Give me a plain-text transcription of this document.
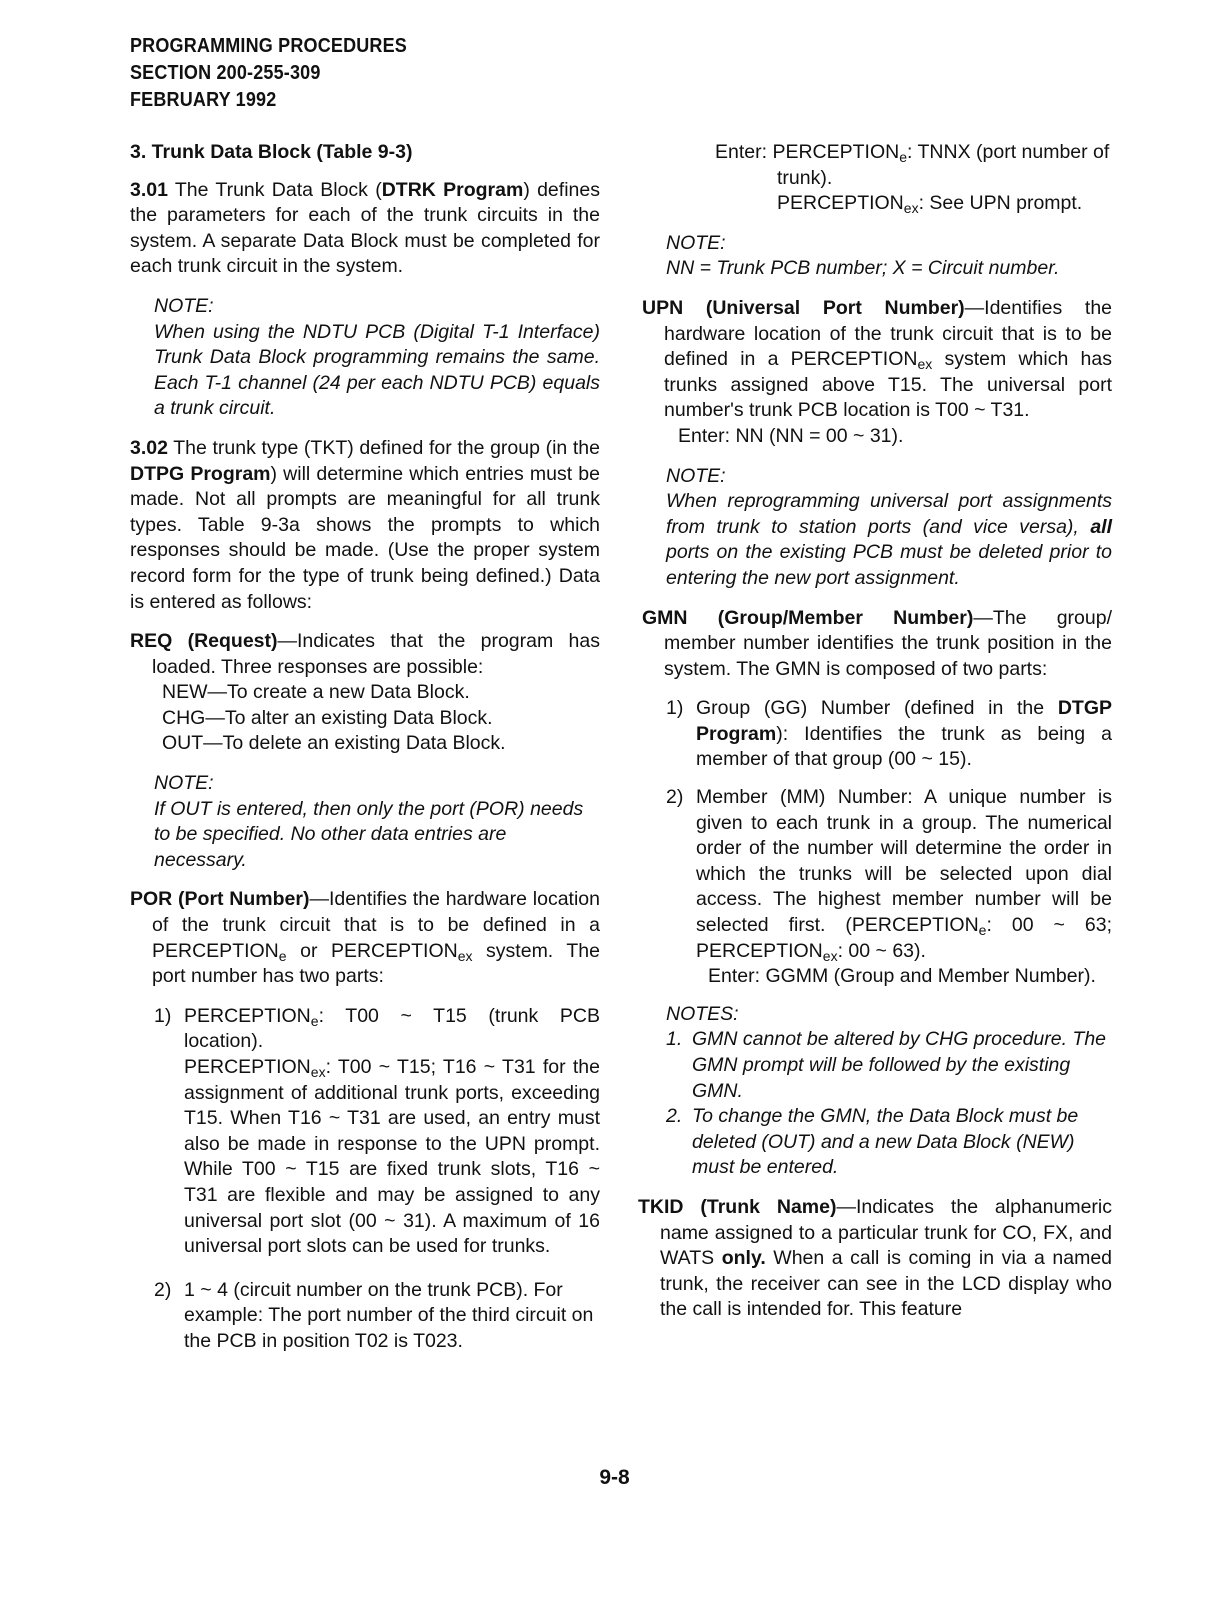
PROGRAMMING PROCEDURES
SECTION 200-255-309
FEBRUARY 1992

3. Trunk Data Block (Table 9-3)

3.01 The Trunk Data Block (DTRK Program) defines the parameters for each of the trunk circuits in the system. A separate Data Block must be completed for each trunk circuit in the system.

NOTE:
When using the NDTU PCB (Digital T-1 Interface) Trunk Data Block programming remains the same. Each T-1 channel (24 per each NDTU PCB) equals a trunk circuit.

3.02 The trunk type (TKT) defined for the group (in the DTPG Program) will determine which entries must be made. Not all prompts are meaningful for all trunk types. Table 9-3a shows the prompts to which responses should be made. (Use the proper system record form for the type of trunk being defined.) Data is entered as follows:

REQ (Request)—Indicates that the program has loaded. Three responses are possible:
NEW—To create a new Data Block.
CHG—To alter an existing Data Block.
OUT—To delete an existing Data Block.
NOTE:
If OUT is entered, then only the port (POR) needs to be specified. No other data entries are necessary.
POR (Port Number)—Identifies the hardware location of the trunk circuit that is to be defined in a $PERCEPTION_e$ or $PERCEPTION_{ex}$ system. The port number has two parts:
1) $PERCEPTION_e$: T00 ~ T15 (trunk PCB location).
$PERCEPTION_{ex}$: T00 ~ T15; T16 ~ T31 for the assignment of additional trunk ports, exceeding T15. When T16 ~ T31 are used, an entry must also be made in response to the UPN prompt. While T00 ~ T15 are fixed trunk slots, T16 ~ T31 are flexible and may be assigned to any universal port slot (00 ~ 31). A maximum of 16 universal port slots can be used for trunks.
2) 1 ~ 4 (circuit number on the trunk PCB). For example: The port number of the third circuit on the PCB in position T02 is T023.
Enter: $PERCEPTION_e$: TNNX (port number of trunk).
$PERCEPTION_{ex}$: See UPN prompt.
NOTE:
NN = Trunk PCB number; X = Circuit number.
UPN (Universal Port Number)—Identifies the hardware location of the trunk circuit that is to be defined in a $PERCEPTION_{ex}$ system which has trunks assigned above T15. The universal port number's trunk PCB location is T00 ~ T31.
Enter: NN (NN = 00 ~ 31).
NOTE:
When reprogramming universal port assignments from trunk to station ports (and vice versa), all ports on the existing PCB must be deleted prior to entering the new port assignment.
GMN (Group/Member Number)—The group/ member number identifies the trunk position in the system. The GMN is composed of two parts:
1) Group (GG) Number (defined in the DTGP Program): Identifies the trunk as being a member of that group (00 ~ 15).
2) Member (MM) Number: A unique number is given to each trunk in a group. The numerical order of the number will determine the order in which the trunks will be selected upon dial access. The highest member number will be selected first. ($PERCEPTION_e$: 00 ~ 63; $PERCEPTION_{ex}$: 00 ~ 63).
Enter: GGMM (Group and Member Number).
NOTES:
1. GMN cannot be altered by CHG procedure. The GMN prompt will be followed by the existing GMN.
2. To change the GMN, the Data Block must be deleted (OUT) and a new Data Block (NEW) must be entered.
TKID (Trunk Name)—Indicates the alphanumeric name assigned to a particular trunk for CO, FX, and WATS only. When a call is coming in via a named trunk, the receiver can see in the LCD display who the call is intended for. This feature
9-8
